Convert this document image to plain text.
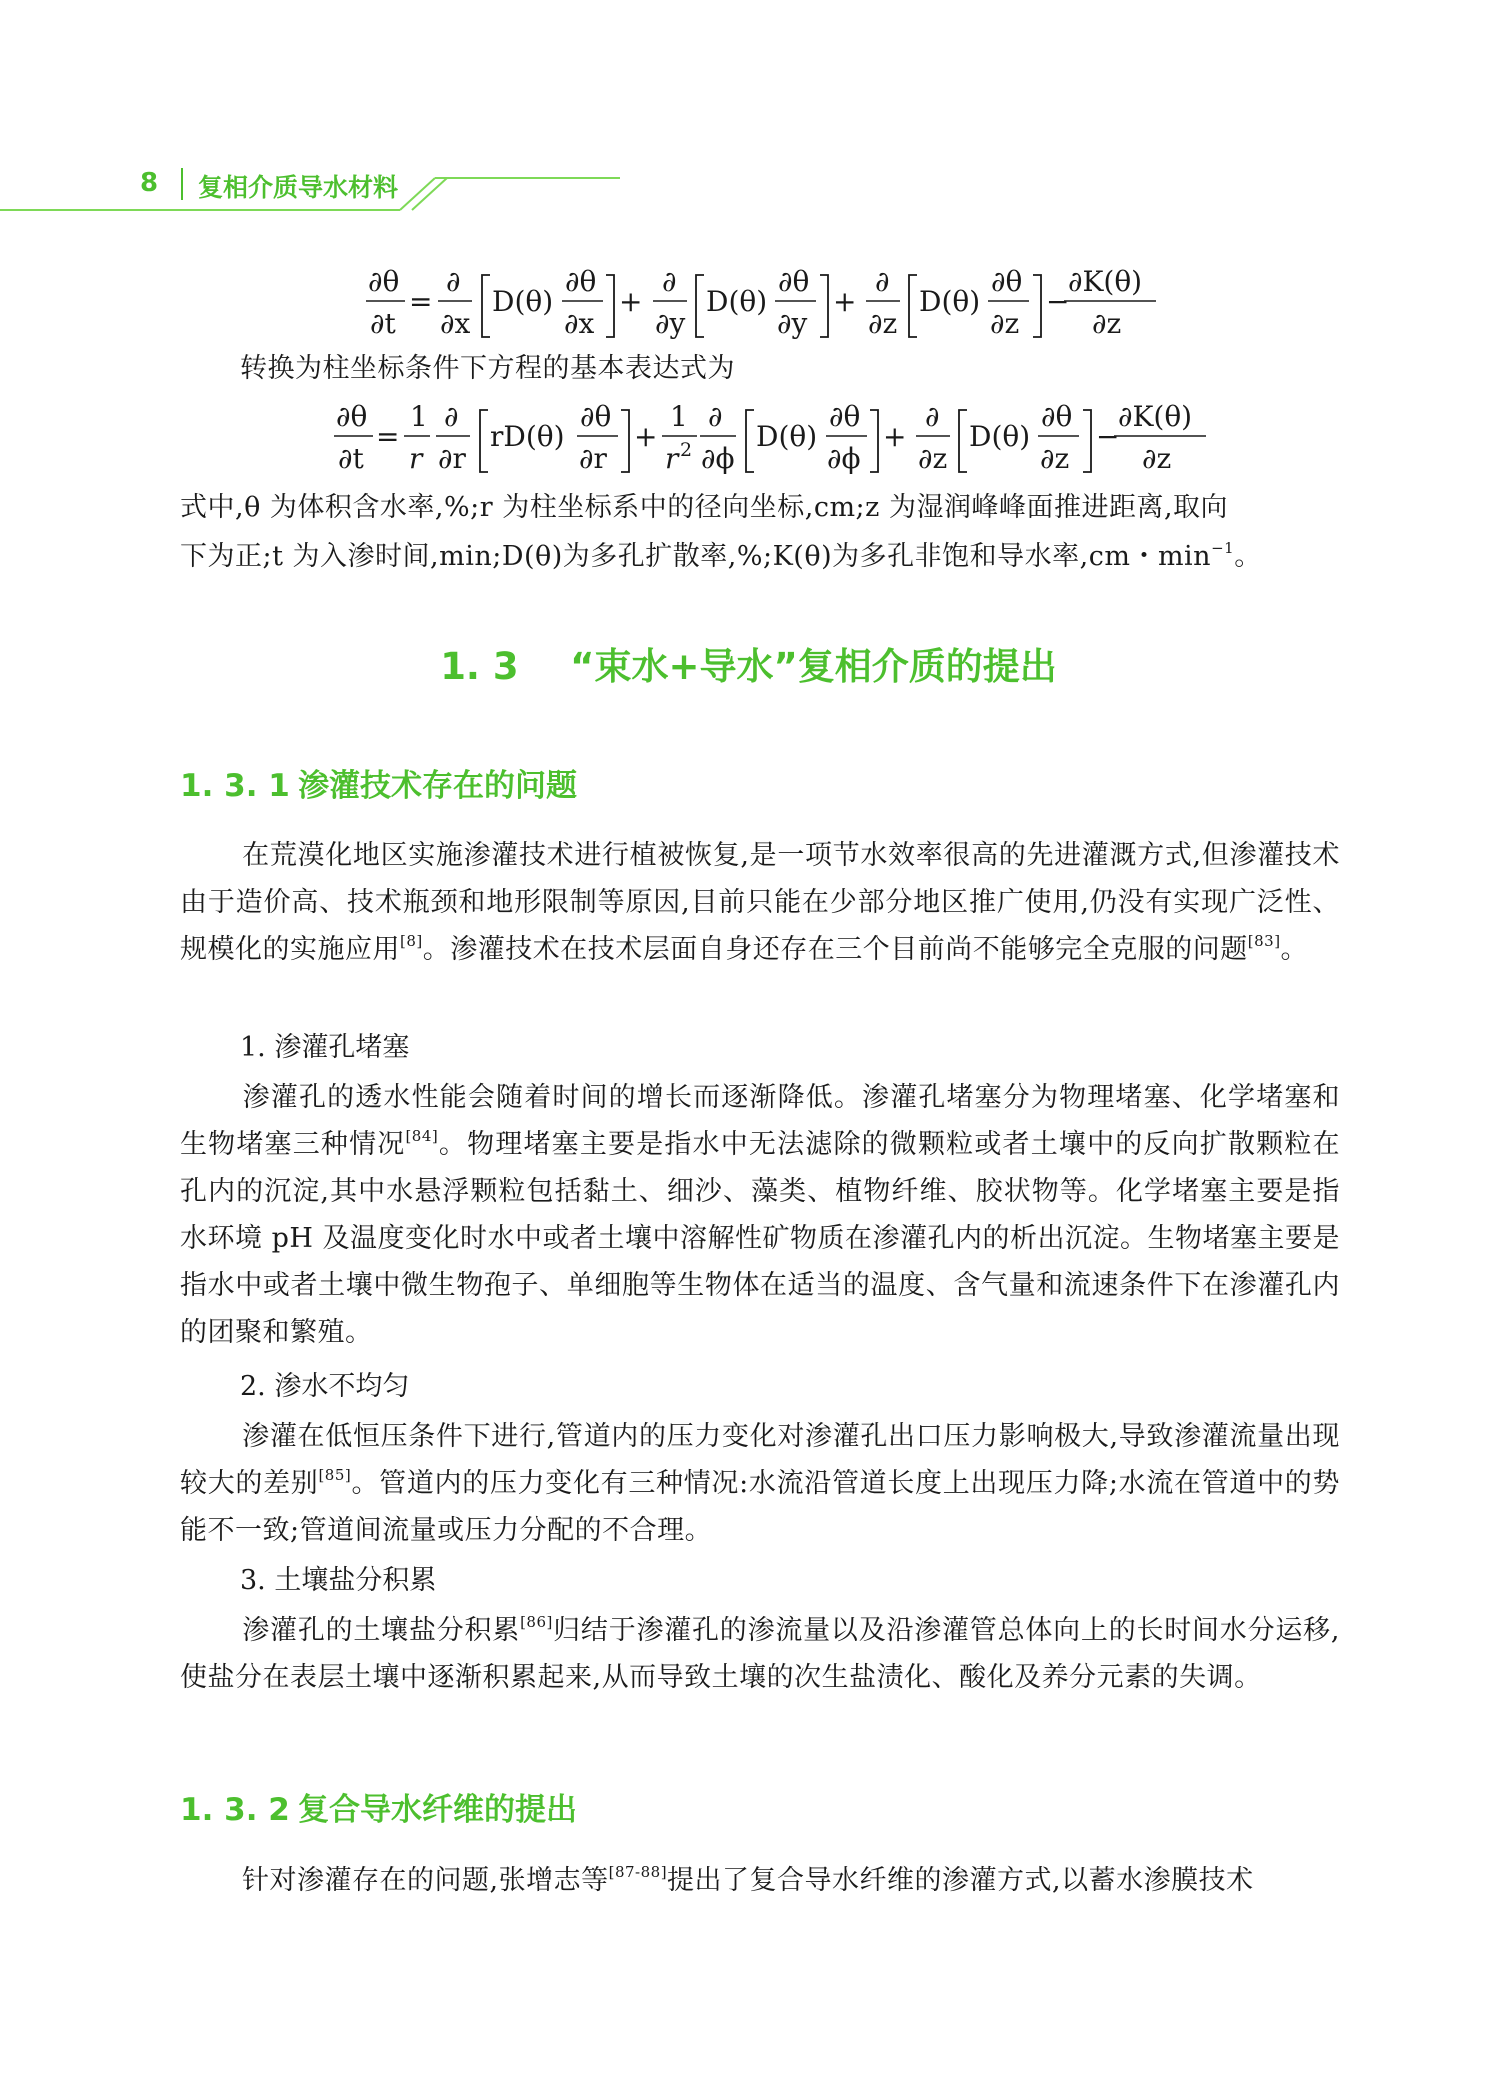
8 复相介质导水材料
∂θ
∂t
=
∂
∂x
D(θ)
∂θ
∂x
+
∂
∂y
D(θ)
∂θ
∂y
+
∂
∂z
D(θ)
∂θ
∂z
−
∂K(θ)
∂z
转换为柱坐标条件下方程的基本表达式为
∂θ
∂t
=
1
r
∂
∂r
rD(θ)
∂θ
∂r
+
1
r 2
∂
∂ϕ
D(θ)
∂θ
∂ϕ
+
∂
∂z
D(θ)
∂θ
∂z
−
∂K(θ)
∂z
式中,θ 为体积含水率,%;r 为柱坐标系中的径向坐标,cm;z 为湿润峰峰面推进距离,取向
下为正;t 为入渗时间,min;D(θ)为多孔扩散率,%;K(θ)为多孔非饱和导水率,cm・$\min^{-1}$。
1. 3 “束水+导水”复相介质的提出
1. 3. 1 渗灌技术存在的问题
在荒漠化地区实施渗灌技术进行植被恢复,是一项节水效率很高的先进灌溉方式,但渗灌技术由于造价高、技术瓶颈和地形限制等原因,目前只能在少部分地区推广使用,仍没有实现广泛性、规模化的实施应用[8]。渗灌技术在技术层面自身还存在三个目前尚不能够完全克服的问题[83]。
1. 渗灌孔堵塞
渗灌孔的透水性能会随着时间的增长而逐渐降低。渗灌孔堵塞分为物理堵塞、化学堵塞和生物堵塞三种情况[84]。物理堵塞主要是指水中无法滤除的微颗粒或者土壤中的反向扩散颗粒在孔内的沉淀,其中水悬浮颗粒包括黏土、细沙、藻类、植物纤维、胶状物等。化学堵塞主要是指水环境 pH 及温度变化时水中或者土壤中溶解性矿物质在渗灌孔内的析出沉淀。生物堵塞主要是指水中或者土壤中微生物孢子、单细胞等生物体在适当的温度、含气量和流速条件下在渗灌孔内的团聚和繁殖。
2. 渗水不均匀
渗灌在低恒压条件下进行,管道内的压力变化对渗灌孔出口压力影响极大,导致渗灌流量出现较大的差别[85]。管道内的压力变化有三种情况:水流沿管道长度上出现压力降;水流在管道中的势能不一致;管道间流量或压力分配的不合理。
3. 土壤盐分积累
渗灌孔的土壤盐分积累[86]归结于渗灌孔的渗流量以及沿渗灌管总体向上的长时间水分运移,使盐分在表层土壤中逐渐积累起来,从而导致土壤的次生盐渍化、酸化及养分元素的失调。
1. 3. 2 复合导水纤维的提出
针对渗灌存在的问题,张增志等[87-88]提出了复合导水纤维的渗灌方式,以蓄水渗膜技术
